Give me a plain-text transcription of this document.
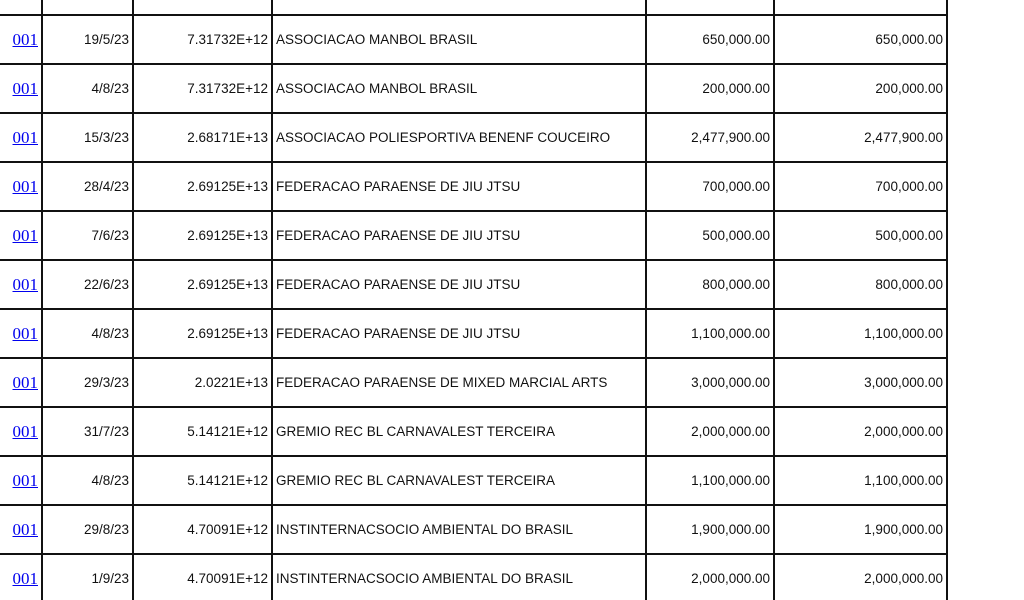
001	19/5/23	7.31732E+12	ASSOCIACAO MANBOL BRASIL	650,000.00	650,000.00
001	4/8/23	7.31732E+12	ASSOCIACAO MANBOL BRASIL	200,000.00	200,000.00
001	15/3/23	2.68171E+13	ASSOCIACAO POLIESPORTIVA BENENF COUCEIRO	2,477,900.00	2,477,900.00
001	28/4/23	2.69125E+13	FEDERACAO PARAENSE DE JIU JTSU	700,000.00	700,000.00
001	7/6/23	2.69125E+13	FEDERACAO PARAENSE DE JIU JTSU	500,000.00	500,000.00
001	22/6/23	2.69125E+13	FEDERACAO PARAENSE DE JIU JTSU	800,000.00	800,000.00
001	4/8/23	2.69125E+13	FEDERACAO PARAENSE DE JIU JTSU	1,100,000.00	1,100,000.00
001	29/3/23	2.0221E+13	FEDERACAO PARAENSE DE MIXED MARCIAL ARTS	3,000,000.00	3,000,000.00
001	31/7/23	5.14121E+12	GREMIO REC BL CARNAVALEST TERCEIRA	2,000,000.00	2,000,000.00
001	4/8/23	5.14121E+12	GREMIO REC BL CARNAVALEST TERCEIRA	1,100,000.00	1,100,000.00
001	29/8/23	4.70091E+12	INSTINTERNACSOCIO AMBIENTAL DO BRASIL	1,900,000.00	1,900,000.00
001	1/9/23	4.70091E+12	INSTINTERNACSOCIO AMBIENTAL DO BRASIL	2,000,000.00	2,000,000.00
